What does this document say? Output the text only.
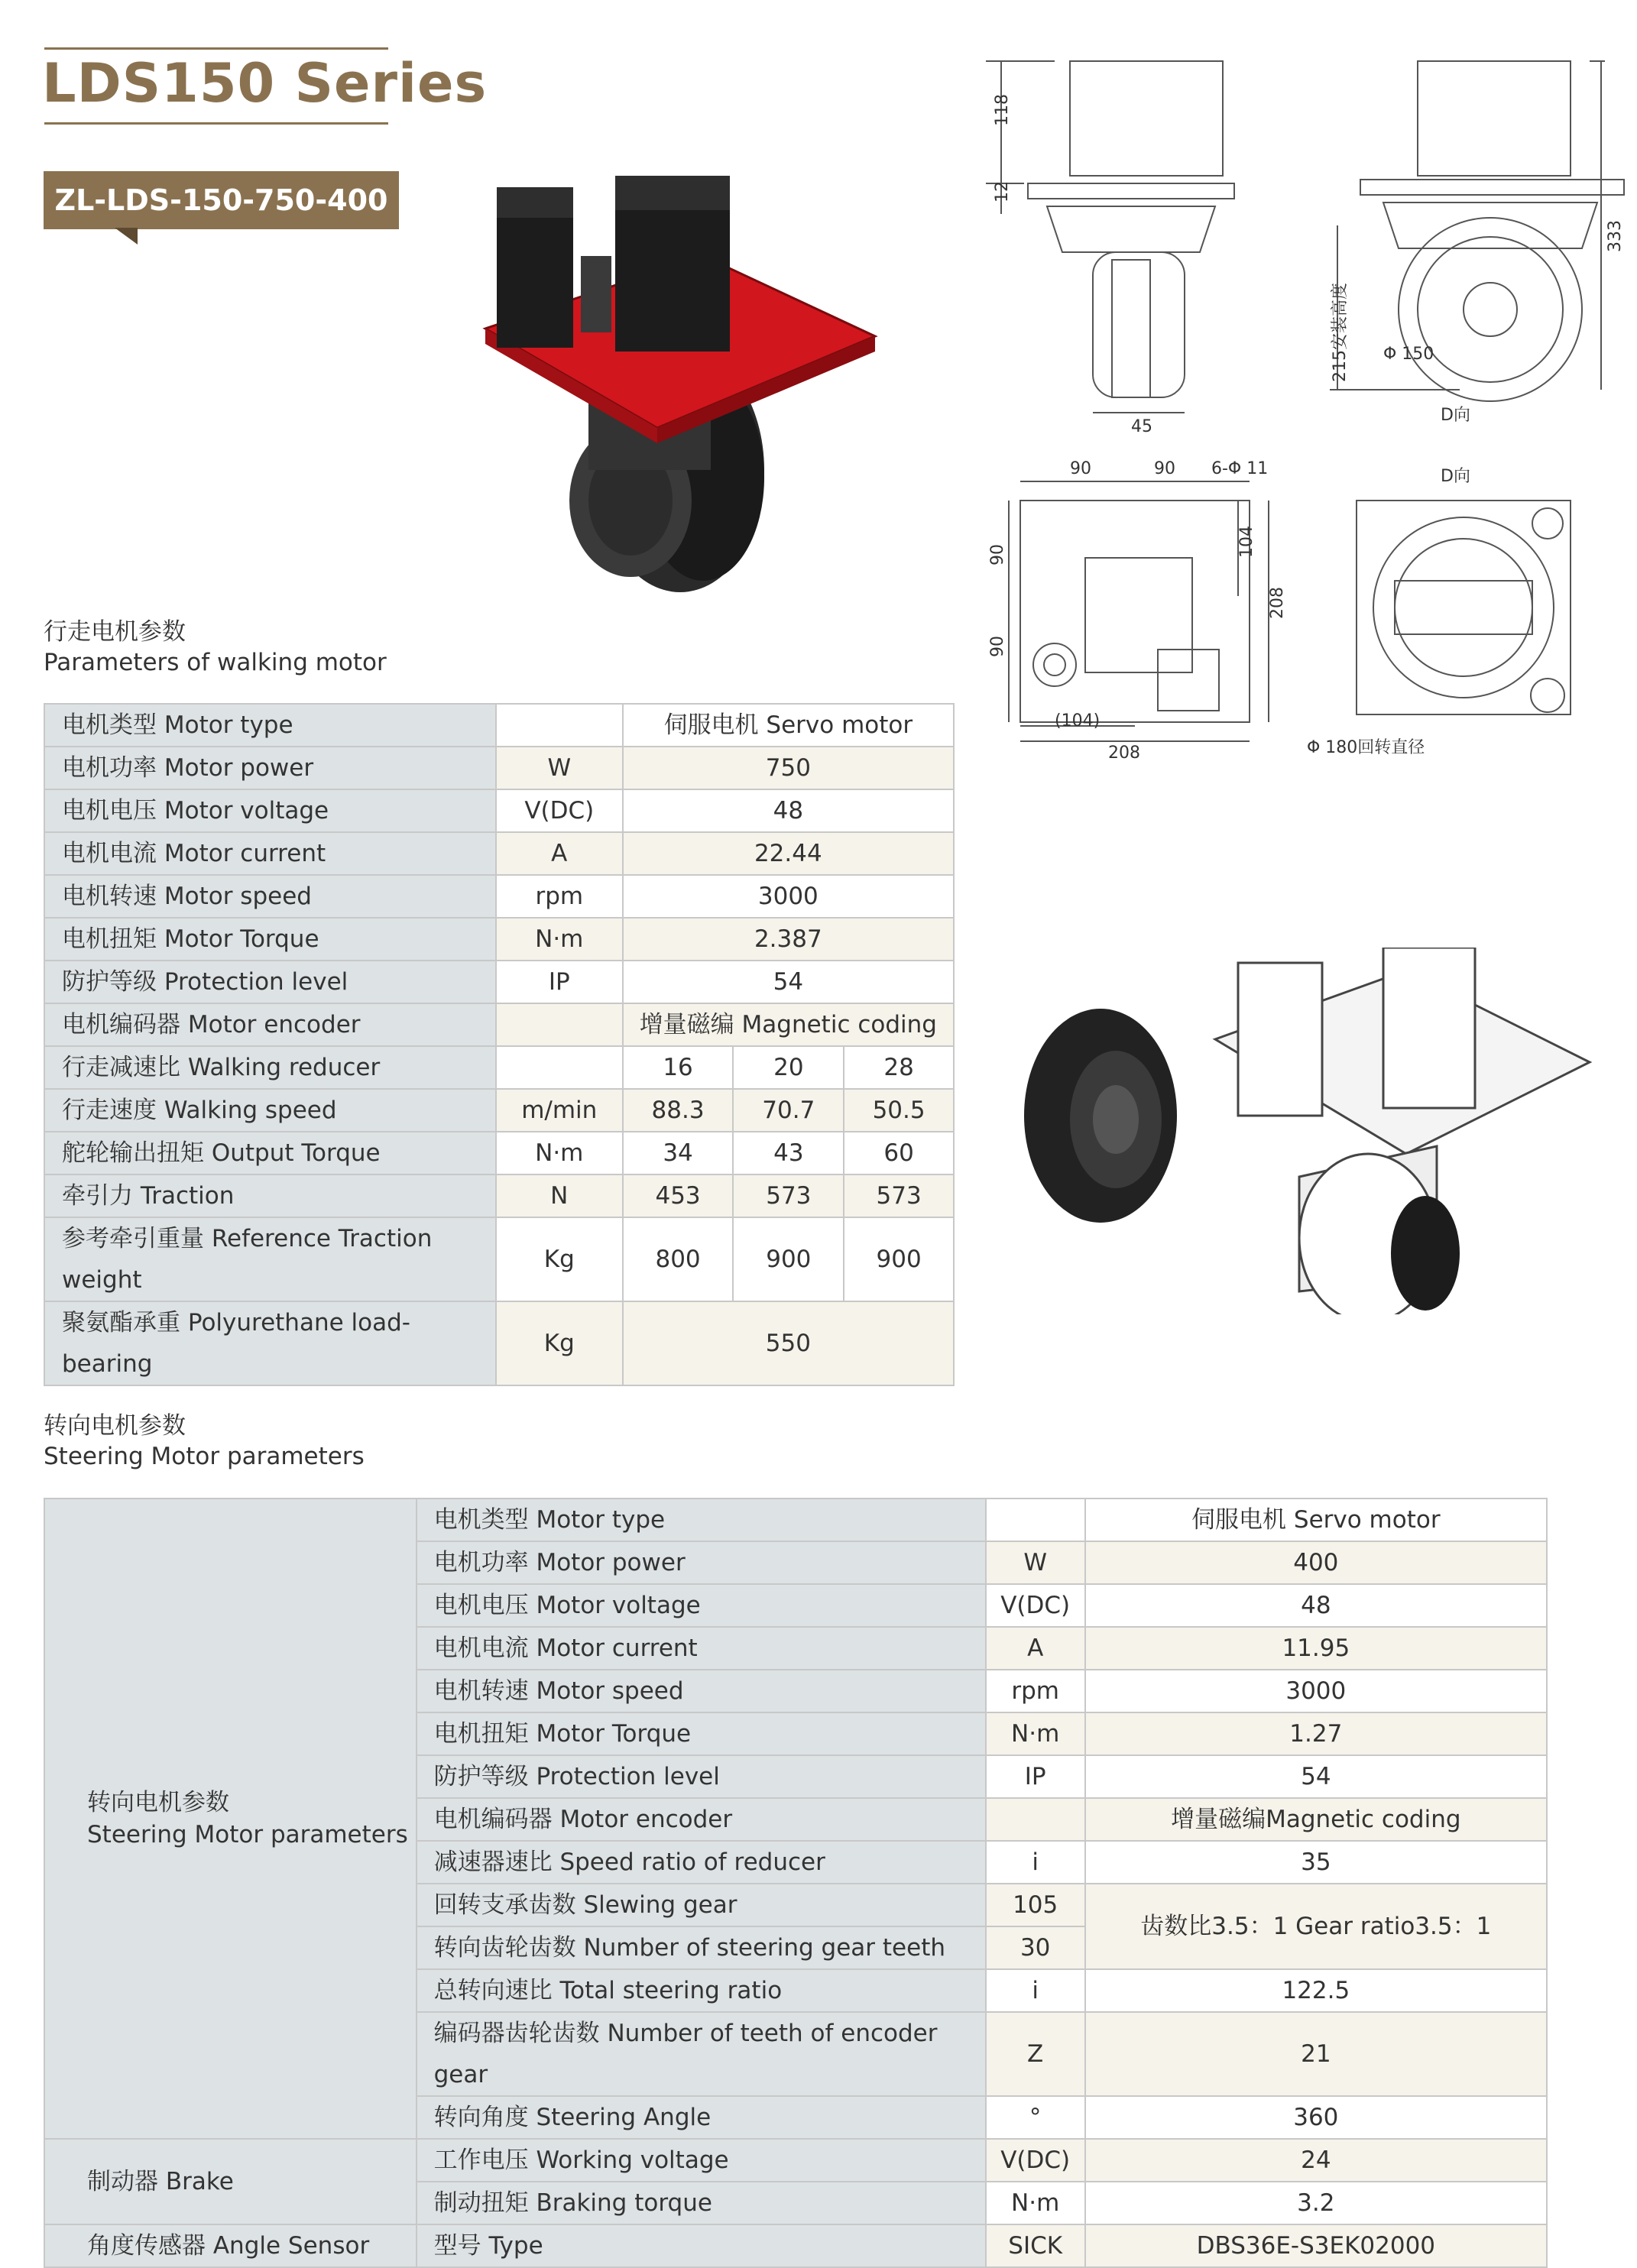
LDS150 Series
ZL-LDS-150-750-400
118
12
45
333
215安装高度 Φ 150
D向
90	90 6-Φ 11
90
90
104
208
(104)
208
D向
Φ 180回转直径
行走电机参数
Parameters of walking motor
电机类型 Motor type		伺服电机 Servo motor		
电机功率 Motor power	W	750		
电机电压 Motor voltage	V(DC)	48		
电机电流 Motor current	A	22.44		
电机转速 Motor speed	rpm	3000		
电机扭矩 Motor Torque	N·m	2.387		
防护等级 Protection level	IP	54		
电机编码器 Motor encoder		增量磁编 Magnetic coding		
行走减速比 Walking reducer		16	20	28
行走速度 Walking speed	m/min	88.3	70.7	50.5
舵轮输出扭矩 Output Torque	N·m	34	43	60
牵引力 Traction	N	453	573	573
参考牵引重量 Reference Traction weight	Kg	800	900	900
聚氨酯承重 Polyurethane load-bearing	Kg	550		
转向电机参数
Steering Motor parameters
转向电机参数
Steering Motor parameters	电机类型 Motor type		伺服电机 Servo motor
	电机功率 Motor power	W	400
	电机电压 Motor voltage	V(DC)	48
	电机电流 Motor current	A	11.95
	电机转速 Motor speed	rpm	3000
	电机扭矩 Motor Torque	N·m	1.27
	防护等级 Protection level	IP	54
	电机编码器 Motor encoder		增量磁编Magnetic coding
	减速器速比 Speed ratio of reducer	i	35
	回转支承齿数 Slewing gear	105	齿数比3.5：1 Gear ratio3.5：1
	转向齿轮齿数 Number of steering gear teeth	30	
	总转向速比 Total steering ratio	i	122.5
	编码器齿轮齿数 Number of teeth of encoder gear	Z	21
	转向角度 Steering Angle	°	360
制动器 Brake	工作电压 Working voltage	V(DC)	24
	制动扭矩 Braking torque	N·m	3.2
角度传感器 Angle Sensor	型号 Type	SICK	DBS36E-S3EK02000
